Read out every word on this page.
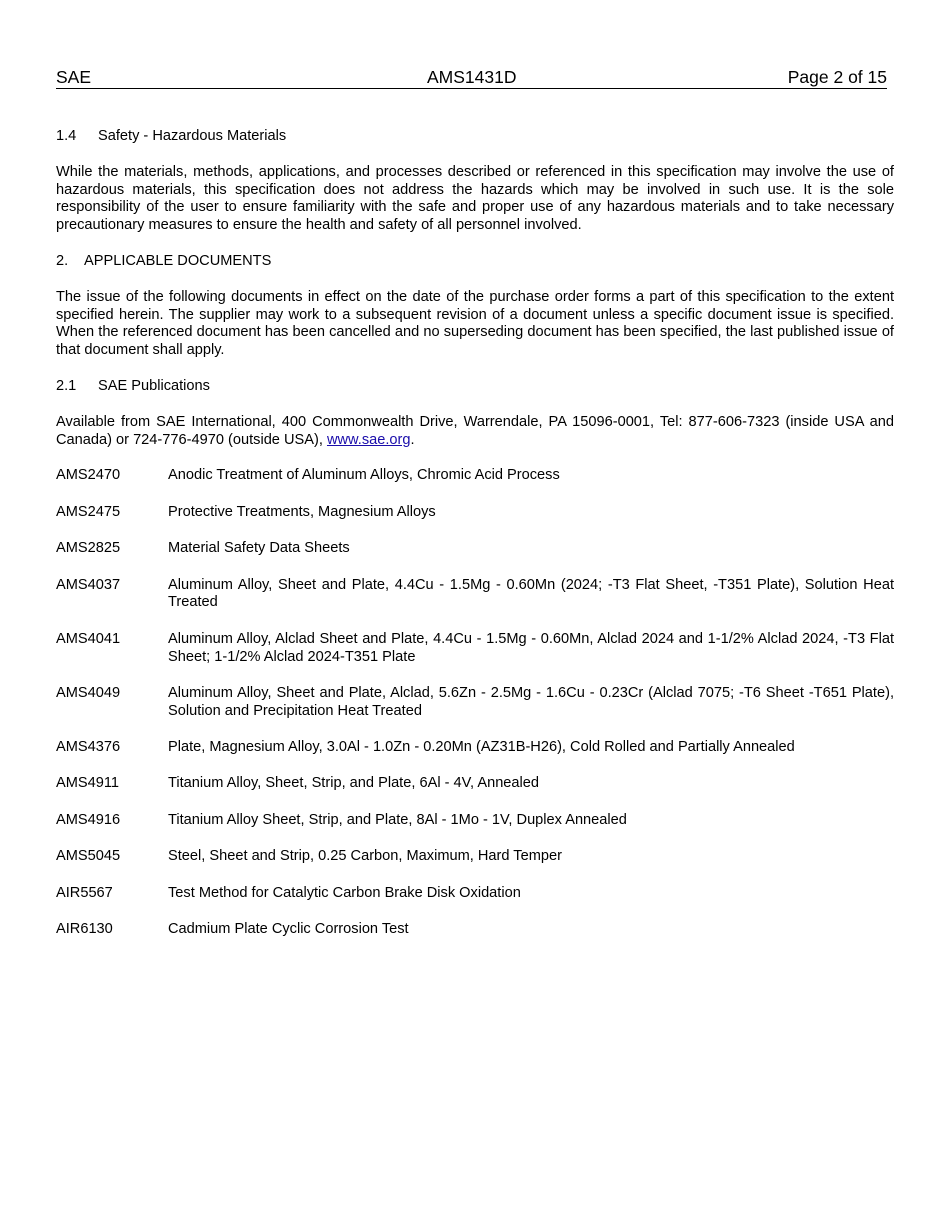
SAE	AMS1431D	Page 2 of 15
1.4 Safety - Hazardous Materials

While the materials, methods, applications, and processes described or referenced in this specification may involve the use of hazardous materials, this specification does not address the hazards which may be involved in such use. It is the sole responsibility of the user to ensure familiarity with the safe and proper use of any hazardous materials and to take necessary precautionary measures to ensure the health and safety of all personnel involved.

2. APPLICABLE DOCUMENTS

The issue of the following documents in effect on the date of the purchase order forms a part of this specification to the extent specified herein. The supplier may work to a subsequent revision of a document unless a specific document issue is specified. When the referenced document has been cancelled and no superseding document has been specified, the last published issue of that document shall apply.

2.1 SAE Publications

Available from SAE International, 400 Commonwealth Drive, Warrendale, PA 15096-0001, Tel: 877-606-7323 (inside USA and Canada) or 724-776-4970 (outside USA), www.sae.org.

AMS2470	Anodic Treatment of Aluminum Alloys, Chromic Acid Process
AMS2475	Protective Treatments, Magnesium Alloys
AMS2825	Material Safety Data Sheets
AMS4037	Aluminum Alloy, Sheet and Plate, 4.4Cu - 1.5Mg - 0.60Mn (2024; -T3 Flat Sheet, -T351 Plate), Solution Heat Treated
AMS4041	Aluminum Alloy, Alclad Sheet and Plate, 4.4Cu - 1.5Mg - 0.60Mn, Alclad 2024 and 1-1/2% Alclad 2024, -T3 Flat Sheet; 1-1/2% Alclad 2024-T351 Plate
AMS4049	Aluminum Alloy, Sheet and Plate, Alclad, 5.6Zn - 2.5Mg - 1.6Cu - 0.23Cr (Alclad 7075; -T6 Sheet -T651 Plate), Solution and Precipitation Heat Treated
AMS4376	Plate, Magnesium Alloy, 3.0Al - 1.0Zn - 0.20Mn (AZ31B-H26), Cold Rolled and Partially Annealed
AMS4911	Titanium Alloy, Sheet, Strip, and Plate, 6Al - 4V, Annealed
AMS4916	Titanium Alloy Sheet, Strip, and Plate, 8Al - 1Mo - 1V, Duplex Annealed
AMS5045	Steel, Sheet and Strip, 0.25 Carbon, Maximum, Hard Temper
AIR5567	Test Method for Catalytic Carbon Brake Disk Oxidation
AIR6130	Cadmium Plate Cyclic Corrosion Test
